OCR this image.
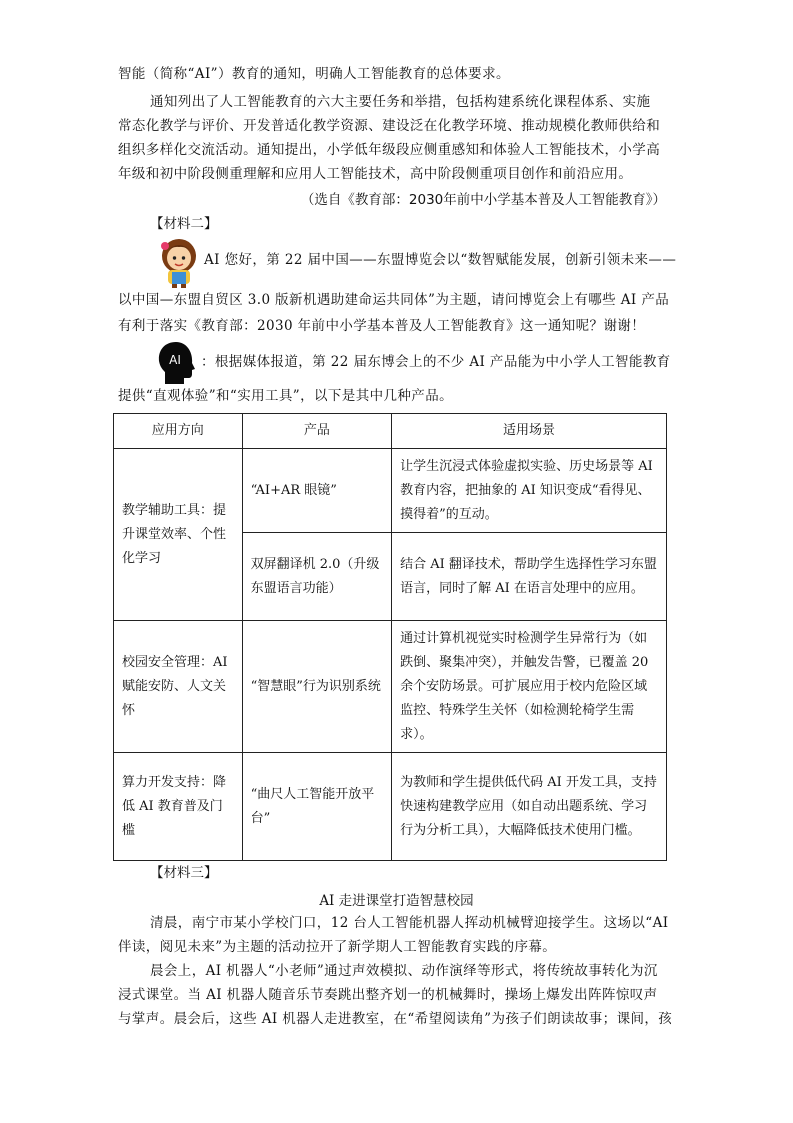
智能（简称“AI”）教育的通知，明确人工智能教育的总体要求。
通知列出了人工智能教育的六大主要任务和举措，包括构建系统化课程体系、实施
常态化教学与评价、开发普适化教学资源、建设泛在化教学环境、推动规模化教师供给和
组织多样化交流活动。通知提出，小学低年级段应侧重感知和体验人工智能技术，小学高
年级和初中阶段侧重理解和应用人工智能技术，高中阶段侧重项目创作和前沿应用。
（选自《教育部：2030年前中小学基本普及人工智能教育》）
【材料二】
AI 您好，第 22 届中国——东盟博览会以“数智赋能发展，创新引领未来——
以中国—东盟自贸区 3.0 版新机遇助建命运共同体”为主题，请问博览会上有哪些 AI 产品
有利于落实《教育部：2030 年前中小学基本普及人工智能教育》这一通知呢？谢谢！
AI ：根据媒体报道，第 22 届东博会上的不少 AI 产品能为中小学人工智能教育
提供“直观体验”和“实用工具”，以下是其中几种产品。
应用方向	产品	适用场景
教学辅助工具：提升课堂效率、个性化学习	“AI+AR 眼镜”	让学生沉浸式体验虚拟实验、历史场景等 AI 教育内容，把抽象的 AI 知识变成“看得见、摸得着”的互动。
	双屏翻译机 2.0（升级东盟语言功能）	结合 AI 翻译技术，帮助学生选择性学习东盟语言，同时了解 AI 在语言处理中的应用。
校园安全管理：AI 赋能安防、人文关怀	“智慧眼”行为识别系统	通过计算机视觉实时检测学生异常行为（如跌倒、聚集冲突），并触发告警，已覆盖 20 余个安防场景。可扩展应用于校内危险区域监控、特殊学生关怀（如检测轮椅学生需求）。
算力开发支持：降低 AI 教育普及门槛	“曲尺人工智能开放平台”	为教师和学生提供低代码 AI 开发工具，支持快速构建教学应用（如自动出题系统、学习行为分析工具），大幅降低技术使用门槛。
【材料三】
AI 走进课堂打造智慧校园
清晨，南宁市某小学校门口，12 台人工智能机器人挥动机械臂迎接学生。这场以“AI
伴读，阅见未来”为主题的活动拉开了新学期人工智能教育实践的序幕。
晨会上，AI 机器人“小老师”通过声效模拟、动作演绎等形式，将传统故事转化为沉
浸式课堂。当 AI 机器人随音乐节奏跳出整齐划一的机械舞时，操场上爆发出阵阵惊叹声
与掌声。晨会后，这些 AI 机器人走进教室，在“希望阅读角”为孩子们朗读故事；课间，孩
